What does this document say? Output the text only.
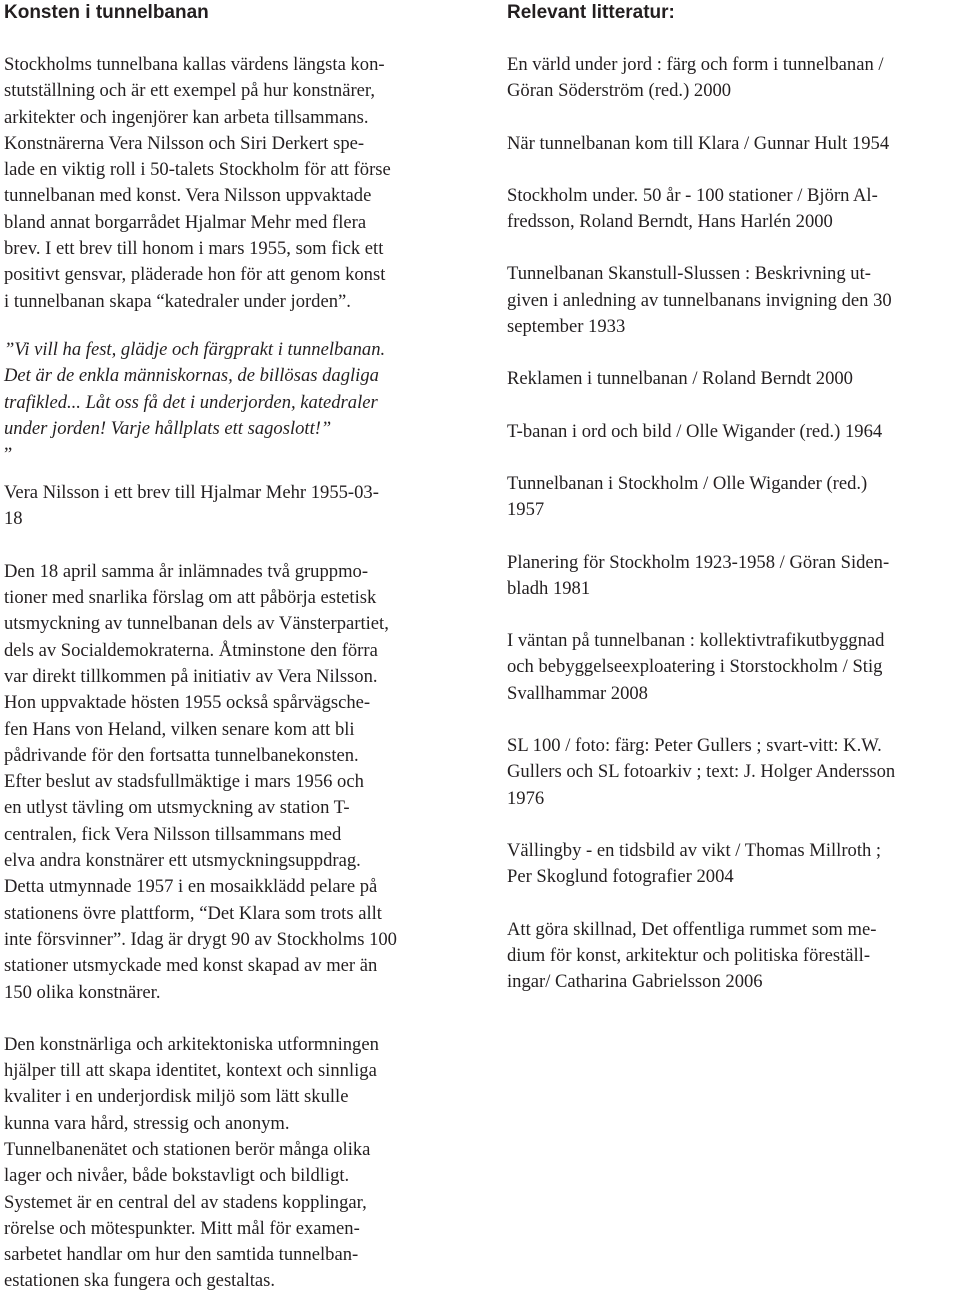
Konsten i tunnelbanan

Stockholms tunnelbana kallas värdens längsta kon-

stutställning och är ett exempel på hur konstnärer,

arkitekter och ingenjörer kan arbeta tillsammans.

Konstnärerna Vera Nilsson och Siri Derkert spe-

lade en viktig roll i 50-talets Stockholm för att förse

tunnelbanan med konst. Vera Nilsson uppvaktade

bland annat borgarrådet Hjalmar Mehr med flera

brev. I ett brev till honom i mars 1955, som fick ett

positivt gensvar, pläderade hon för att genom konst

i tunnelbanan skapa “katedraler under jorden”.

”Vi vill ha fest, glädje och färgprakt i tunnelbanan.

Det är de enkla människornas, de billösas dagliga

trafikled... Låt oss få det i underjorden, katedraler

under jorden! Varje hållplats ett sagoslott!”

”

Vera Nilsson i ett brev till Hjalmar Mehr 1955-03-

18

Den 18 april samma år inlämnades två gruppmo-

tioner med snarlika förslag om att påbörja estetisk

utsmyckning av tunnelbanan dels av Vänsterpartiet,

dels av Socialdemokraterna. Åtminstone den förra

var direkt tillkommen på initiativ av Vera Nilsson.

Hon uppvaktade hösten 1955 också spårvägsche-

fen Hans von Heland, vilken senare kom att bli

pådrivande för den fortsatta tunnelbanekonsten.

Efter beslut av stadsfullmäktige i mars 1956 och

en utlyst tävling om utsmyckning av station T-

centralen, fick Vera Nilsson tillsammans med

elva andra konstnärer ett utsmyckningsuppdrag.

Detta utmynnade 1957 i en mosaikklädd pelare på

stationens övre plattform, “Det Klara som trots allt

inte försvinner”. Idag är drygt 90 av Stockholms 100

stationer utsmyckade med konst skapad av mer än

150 olika konstnärer.

Den konstnärliga och arkitektoniska utformningen

hjälper till att skapa identitet, kontext och sinnliga

kvaliter i en underjordisk miljö som lätt skulle

kunna vara hård, stressig och anonym.

Tunnelbanenätet och stationen berör många olika

lager och nivåer, både bokstavligt och bildligt.

Systemet är en central del av stadens kopplingar,

rörelse och mötespunkter. Mitt mål för examen-

sarbetet handlar om hur den samtida tunnelban-

estationen ska fungera och gestaltas.

Relevant litteratur:

En värld under jord : färg och form i tunnelbanan /

Göran Söderström (red.) 2000

När tunnelbanan kom till Klara / Gunnar Hult 1954

Stockholm under. 50 år - 100 stationer / Björn Al-

fredsson, Roland Berndt, Hans Harlén 2000

Tunnelbanan Skanstull-Slussen : Beskrivning ut-

given i anledning av tunnelbanans invigning den 30

september 1933

Reklamen i tunnelbanan / Roland Berndt 2000

T-banan i ord och bild / Olle Wigander (red.) 1964

Tunnelbanan i Stockholm / Olle Wigander (red.)

1957

Planering för Stockholm 1923-1958 / Göran Siden-

bladh 1981

I väntan på tunnelbanan : kollektivtrafikutbyggnad

och bebyggelseexploatering i Storstockholm / Stig

Svallhammar 2008

SL 100 / foto: färg: Peter Gullers ; svart-vitt: K.W.

Gullers och SL fotoarkiv ; text: J. Holger Andersson

1976

Vällingby - en tidsbild av vikt / Thomas Millroth ;

Per Skoglund fotografier 2004

Att göra skillnad, Det offentliga rummet som me-

dium för konst, arkitektur och politiska föreställ-

ingar/ Catharina Gabrielsson 2006
